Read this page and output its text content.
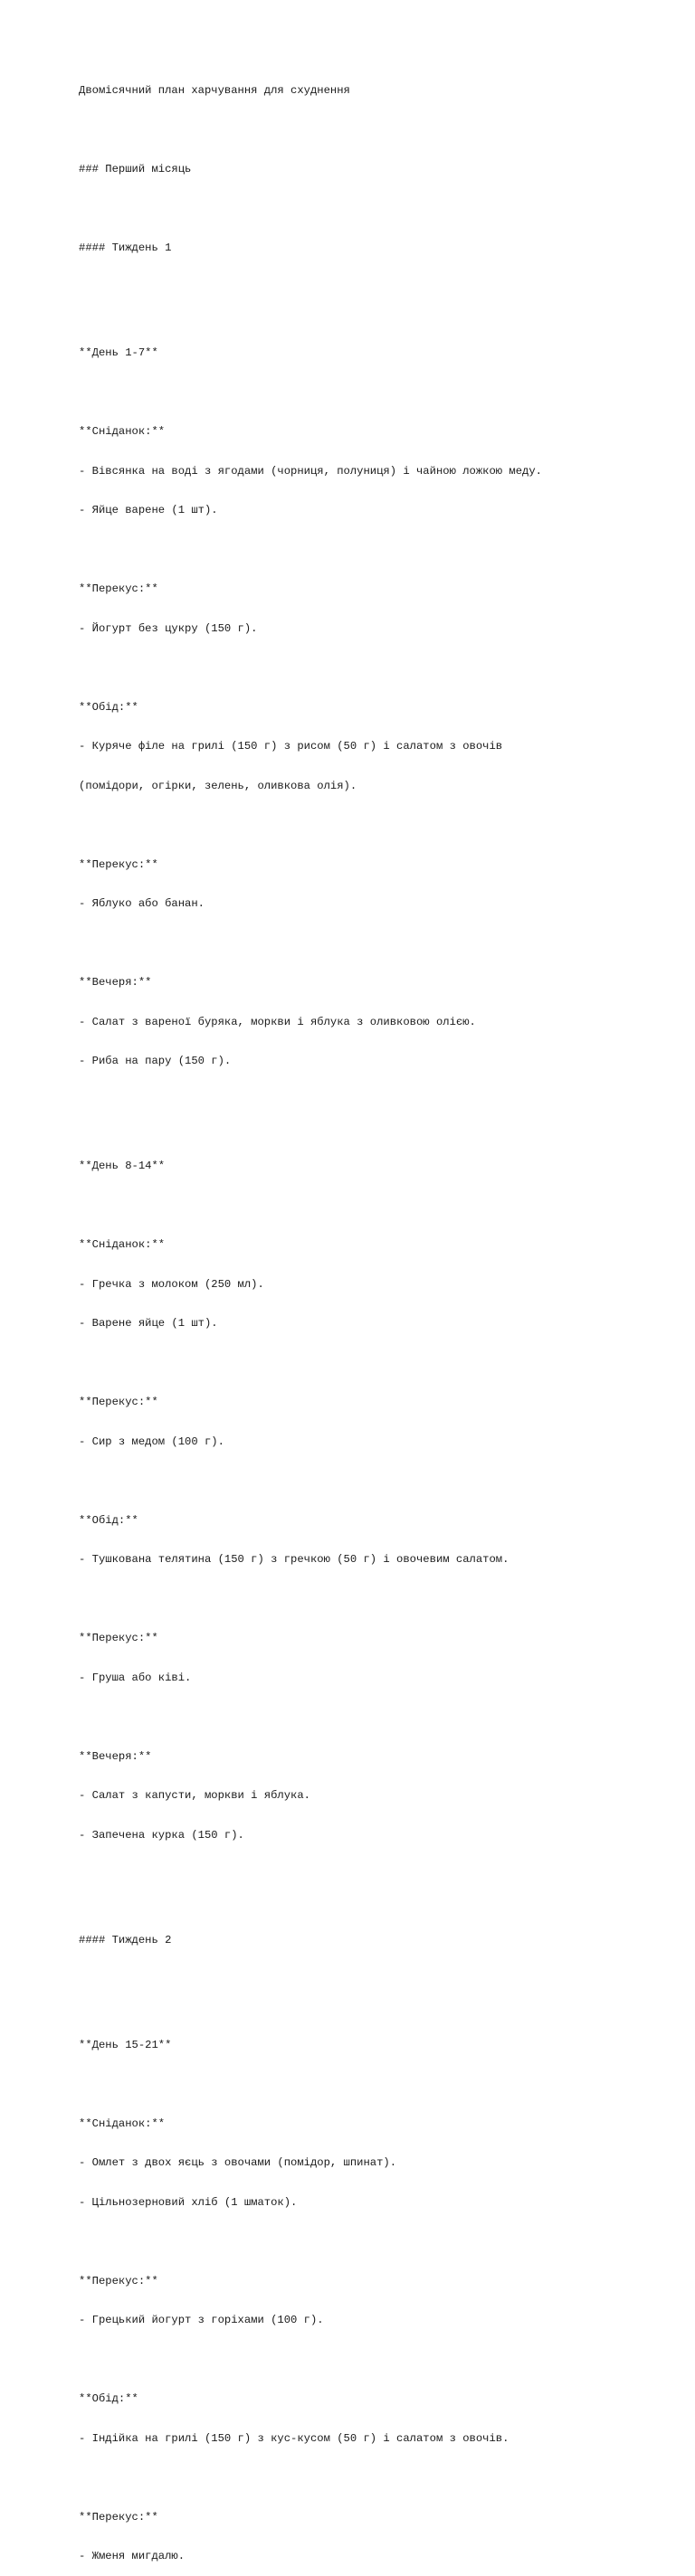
Двомісячний план харчування для схуднення

### Перший місяць

#### Тиждень 1

**День 1-7**

**Сніданок:**

- Вівсянка на воді з ягодами (чорниця, полуниця) і чайною ложкою меду.

- Яйце варене (1 шт).

**Перекус:**

- Йогурт без цукру (150 г).

**Обід:**

- Куряче філе на грилі (150 г) з рисом (50 г) і салатом з овочів

(помідори, огірки, зелень, оливкова олія).

**Перекус:**

- Яблуко або банан.

**Вечеря:**

- Салат з вареної буряка, моркви і яблука з оливковою олією.

- Риба на пару (150 г).

**День 8-14**

**Сніданок:**

- Гречка з молоком (250 мл).

- Варене яйце (1 шт).

**Перекус:**

- Сир з медом (100 г).

**Обід:**

- Тушкована телятина (150 г) з гречкою (50 г) і овочевим салатом.

**Перекус:**

- Груша або ківі.

**Вечеря:**

- Салат з капусти, моркви і яблука.

- Запечена курка (150 г).

#### Тиждень 2

**День 15-21**

**Сніданок:**

- Омлет з двох яєць з овочами (помідор, шпинат).

- Цільнозерновий хліб (1 шматок).

**Перекус:**

- Грецький йогурт з горіхами (100 г).

**Обід:**

- Індійка на грилі (150 г) з кус-кусом (50 г) і салатом з овочів.

**Перекус:**

- Жменя мигдалю.
